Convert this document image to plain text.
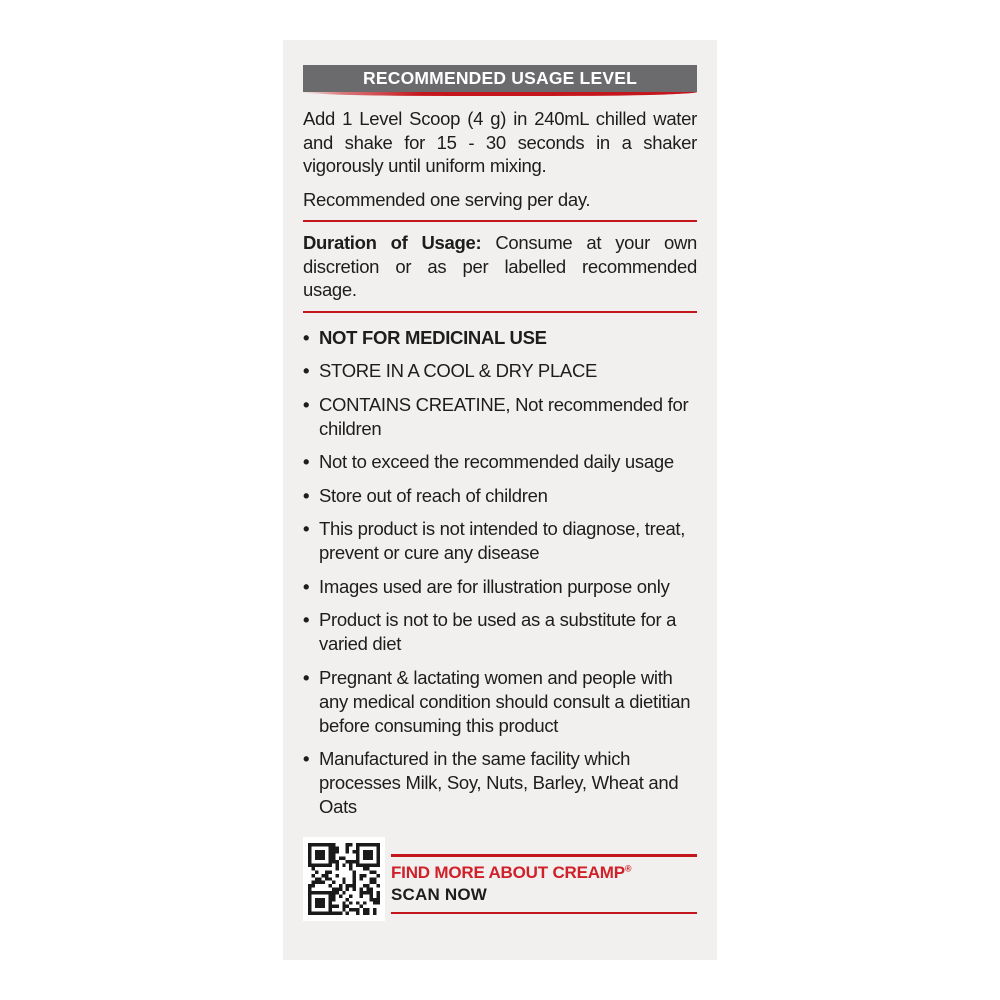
RECOMMENDED USAGE LEVEL

Add 1 Level Scoop (4 g) in 240mL chilled water and shake for 15 - 30 seconds in a shaker vigorously until uniform mixing.

Recommended one serving per day.

Duration of Usage: Consume at your own discretion or as per labelled recommended usage.

• NOT FOR MEDICINAL USE
• STORE IN A COOL & DRY PLACE
• CONTAINS CREATINE, Not recommended for children
• Not to exceed the recommended daily usage
• Store out of reach of children
• This product is not intended to diagnose, treat, prevent or cure any disease
• Images used are for illustration purpose only
• Product is not to be used as a substitute for a varied diet
• Pregnant & lactating women and people with any medical condition should consult a dietitian before consuming this product
• Manufactured in the same facility which processes Milk, Soy, Nuts, Barley, Wheat and Oats
FIND MORE ABOUT CREAMP®
SCAN NOW
